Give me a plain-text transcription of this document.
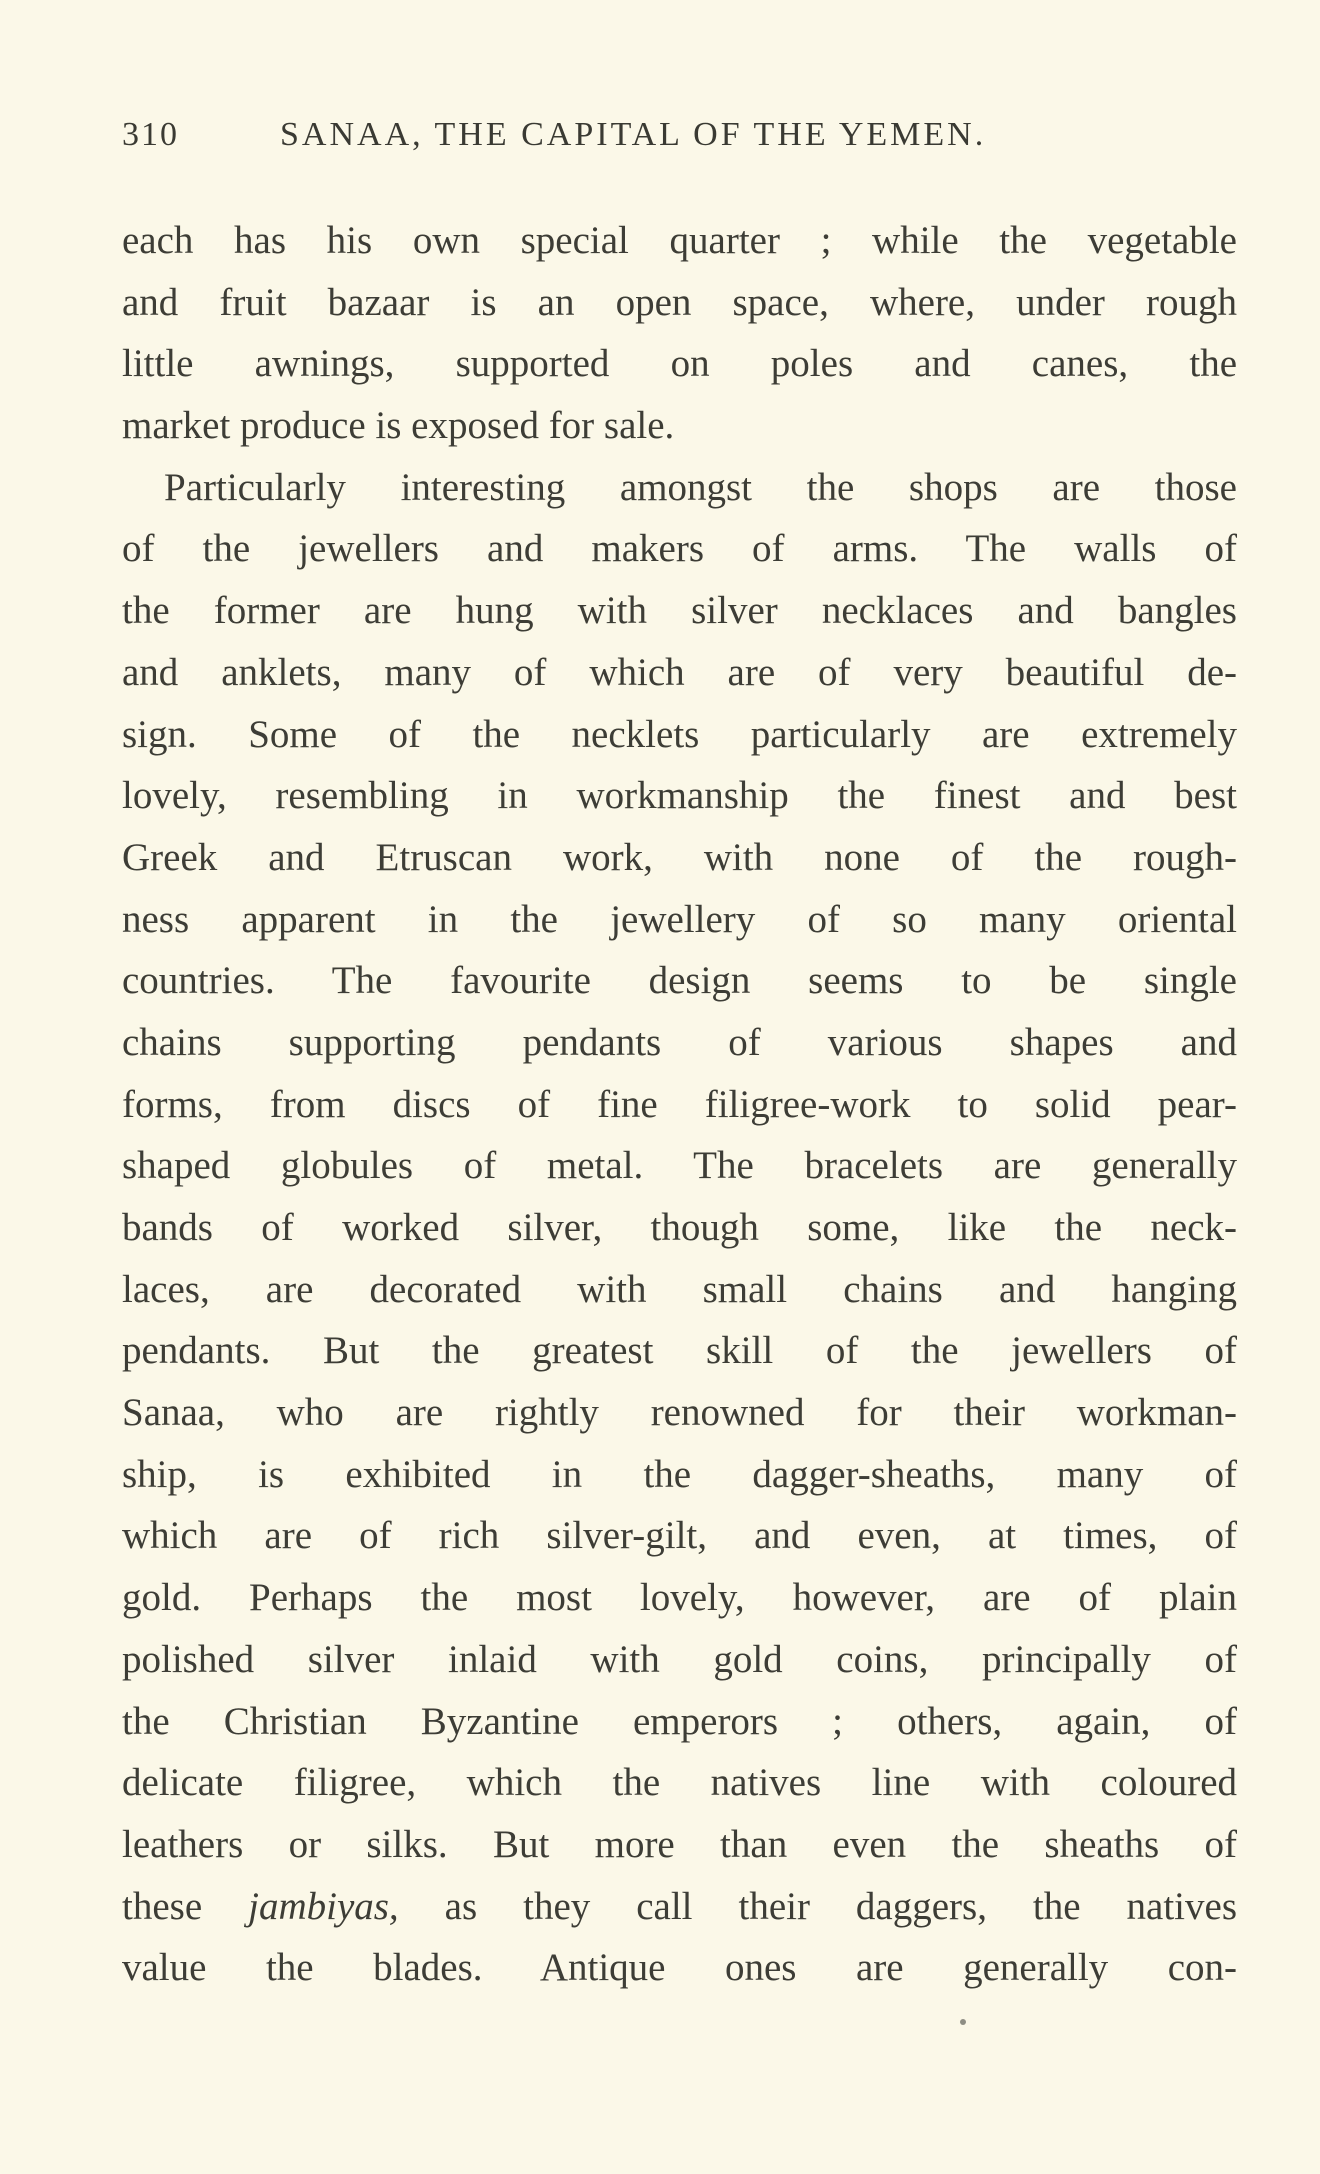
310	SANAA, THE CAPITAL OF THE YEMEN.
each has his own special quarter ; while the vegetable
and fruit bazaar is an open space, where, under rough
little awnings, supported on poles and canes, the
market produce is exposed for sale.
Particularly interesting amongst the shops are those
of the jewellers and makers of arms. The walls of
the former are hung with silver necklaces and bangles
and anklets, many of which are of very beautiful de-
sign. Some of the necklets particularly are extremely
lovely, resembling in workmanship the finest and best
Greek and Etruscan work, with none of the rough-
ness apparent in the jewellery of so many oriental
countries. The favourite design seems to be single
chains supporting pendants of various shapes and
forms, from discs of fine filigree-work to solid pear-
shaped globules of metal. The bracelets are generally
bands of worked silver, though some, like the neck-
laces, are decorated with small chains and hanging
pendants. But the greatest skill of the jewellers of
Sanaa, who are rightly renowned for their workman-
ship, is exhibited in the dagger-sheaths, many of
which are of rich silver-gilt, and even, at times, of
gold. Perhaps the most lovely, however, are of plain
polished silver inlaid with gold coins, principally of
the Christian Byzantine emperors ; others, again, of
delicate filigree, which the natives line with coloured
leathers or silks. But more than even the sheaths of
these jambiyas, as they call their daggers, the natives
value the blades. Antique ones are generally con-
